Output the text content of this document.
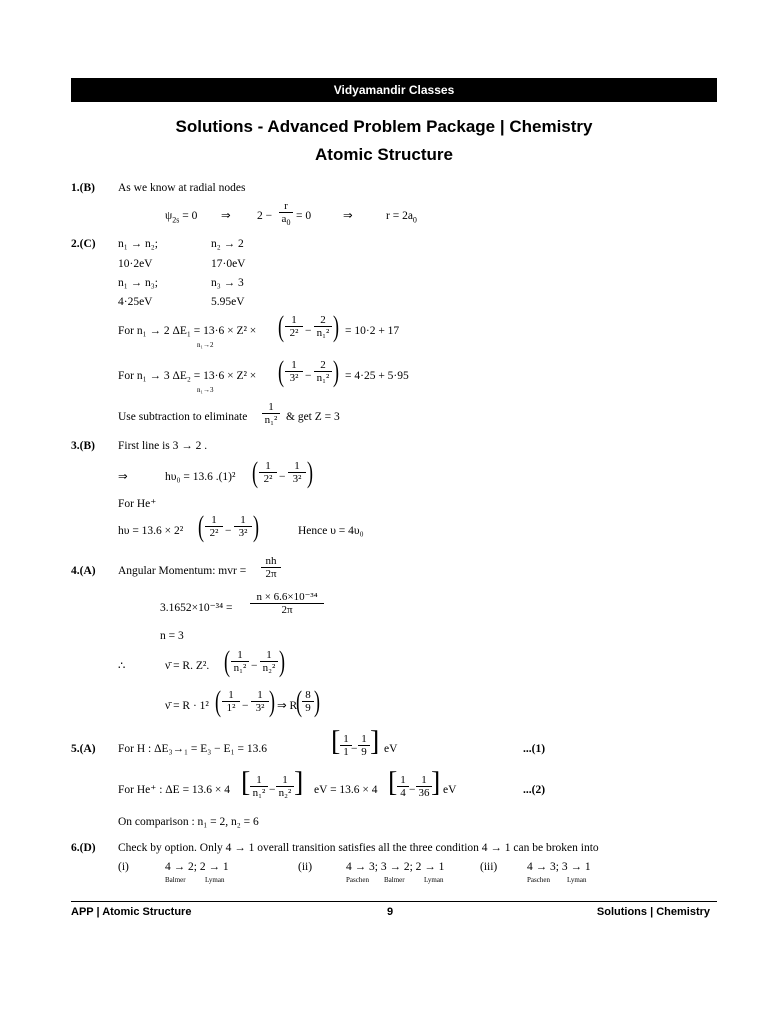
Vidyamandir Classes
Solutions - Advanced Problem Package | Chemistry
Atomic Structure
1.(B) As we know at radial nodes
$\psi_{2s} = 0$ ⇒ $2 - \frac{r}{a_0} = 0$	⇒	$r = 2a_0$
2.(C) n₁ → n₂;	n₂ → 2
10·2eV	17·0eV
n₁ → n₃;	n₃ → 3
4·25eV	5.95eV
For n₁ → 2 ΔE₁ = 13·6 × Z² ×
n₁→2
( $\frac{1}{\text{2²}} - \frac{2}{\text{n₁²}}$ ) = 10·2 + 17
For n₁ → 3 ΔE₂ = 13·6 × Z² ×
n₁→3
( $\frac{1}{\text{3²}} - \frac{2}{\text{n₁²}}$ ) = 4·25 + 5·95
Use subtraction to eliminate $\frac{1}{\text{n₁²}}$ & get Z = 3
3.(B) First line is 3 → 2 .
⇒	hυ₀ = 13.6 .(1)² ( $\frac{1}{\text{2²}} - \frac{1}{\text{3²}}$ )
For He⁺
hυ = 13.6 × 2² ( $\frac{1}{\text{2²}} - \frac{1}{\text{3²}}$ )	Hence υ = 4υ₀
4.(A) Angular Momentum: mvr = $\frac{nh}{2\pi}$
$3.1652\times 10^{-34} = \frac{\text{n × 6.6×10⁻³⁴}}{2\pi}$
n = 3
∴	ν̄ = R. Z². ( $\frac{1}{\text{n₁²}} - \frac{1}{\text{n₂²}}$ )
ν̄ = R · 1² ( $\frac{1}{\text{1²}} - \frac{1}{\text{3²}}$ ) ⇒ R
( $\frac{8}{9}$ )
5.(A) For H : ΔE₃→₁ = E₃ − E₁ = 13.6 [ $\frac{1}{1} - \frac{1}{9}$ ] eV	...(1)
For He⁺ : ΔE = 13.6 × 4 [ $\frac{1}{\text{n₁²}} - \frac{1}{\text{n₂²}}$ ] eV = 13.6 × 4 [ $\frac{1}{4} - \frac{1}{36}$ ] eV	...(2)
On comparison : n₁ = 2, n₂ = 6
6.(D) Check by option. Only 4 → 1 overall transition satisfies all the three condition 4 → 1 can be broken into
(i)	4 → 2; 2 → 1
Balmer	Lyman
(ii)	4 → 3; 3 → 2; 2 → 1
Paschen Balmer	Lyman
(iii)	4 → 3; 3 → 1
Paschen Lyman
APP | Atomic Structure	9	Solutions | Chemistry
